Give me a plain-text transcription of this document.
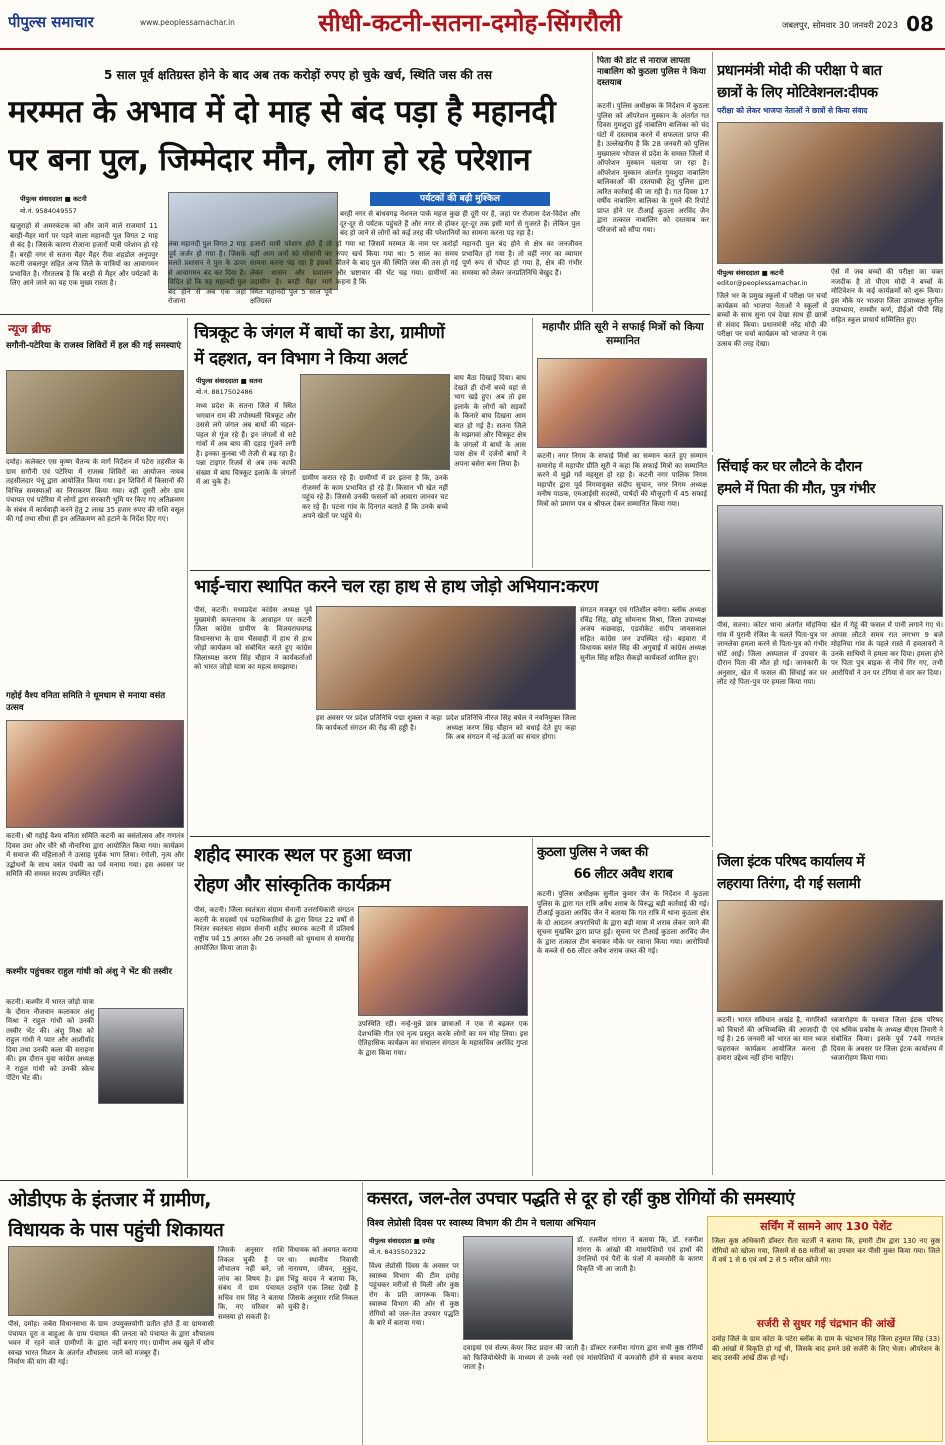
पीपुल्स समाचार	www.peoplessamachar.in	सीधी-कटनी-सतना-दमोह-सिंगरौली	जबलपुर, सोमवार 30 जनवरी 2023 08
5 साल पूर्व क्षतिग्रस्त होने के बाद अब तक करोड़ों रुपए हो चुके खर्च, स्थिति जस की तस
मरम्मत के अभाव में दो माह से बंद पड़ा है महानदी
पर बना पुल, जिम्मेदार मौन, लोग हो रहे परेशान
पीपुल्स संवाददाता ■ कटनी
मो.नं. 9584049557
पर्यटकों की बढ़ी मुश्किल
बरही नगर से बांधवगढ़ नेशनल पार्क महज कुछ ही दूरी पर है, जहां पर रोजाना देश-विदेश और दूर-दूर से पर्यटक पहुंचते हैं और नगर से होकर दूर-दूर तक इसी मार्ग से गुजरते हैं। लेकिन पुल बंद हो जाने से लोगों को कई तरह की परेशानियों का सामना करना पड़ रहा है।
खजुराहो से अमरकंटक को और जाने वाले राजमार्ग 11 बरही-मैहर मार्ग पर पड़ने वाला महानदी पुल विगत 2 माह से बंद है। जिसके कारण रोजाना हजारों यात्री परेशान हो रहे हैं। बरही नगर से सतना मैहर मैहर रीवा शहडोल अनूपपुर कटनी जबलपुर सहित अन्य जिले के यात्रियों का आवागमन प्रभावित है। गौरतलब है कि बरही से मैहर और पर्यटकों के लिए आने जाने का यह एक मुख्य रास्ता है।
लंबा महानदी पुल विगत 2 माह पूर्व जर्जर हो गया है। जिसके चलते प्रशासन ने पुल के ऊपर से आवागमन बंद कर दिया है। विदित हो कि यह महानदी पुल बंद होने से अब एक जहां रोजाना
हजारों यात्री परेशान होते हैं तो वहीं आम जनों को परेशानी का सामना करना पड़ रहा है इसको लेकर शासन और प्रशासन उदासीन है। बरही मैहर मार्ग स्थित महानदी पुल 5 साल पूर्व क्षतिग्रस्त
हो गया था जिसमें मरम्मत के नाम पर करोड़ों रुपए खर्च किया गया था। 5 साल का समय बीतने के बाद पुल की स्थिति जस की तस हो गई और भ्रष्टाचार की भेंट चढ़ गया। ग्रामीणों का कहना है कि
महानदी पुल बंद होने से क्षेत्र का जनजीवन प्रभावित हो गया है। तो वहीं नगर का व्यापार पूर्ण रूप से चौपट हो गया है, क्षेत्र की गंभीर समस्या को लेकर जनप्रतिनिधि बेखुद हैं।
पिता की डांट से नाराज लापता नाबालिग को कुठला पुलिस ने किया दस्तयाब
कटनी। पुलिस अधीक्षक के निर्देशन में कुठला पुलिस को ऑपरेशन मुस्कान के अंतर्गत गत दिवस गुमशुदा हुई नाबालिग बालिका को चंद घंटों में दस्तयाब करने में सफलता प्राप्त की है। उल्लेखनीय है कि 28 जनवरी को पुलिस मुख्यालय भोपाल से प्रदेश के समस्त जिलों में ऑपरेशन मुस्कान चलाया जा रहा है। ऑपरेशन मुस्कान अंतर्गत गुमशुदा नाबालिग बालिकाओं की दस्तयाबी हेतु पुलिस द्वारा त्वरित कार्रवाई की जा रही है। गत दिवस 17 वर्षीय नाबालिग बालिका के गुमने की रिपोर्ट प्राप्त होने पर टीआई कुठला अरविंद जैन द्वारा तत्काल नाबालिग को दस्तयाब कर परिजनों को सौंपा गया।
प्रधानमंत्री मोदी की परीक्षा पे बात
छात्रों के लिए मोटिवेशनल:दीपक
परीक्षा को लेकर भाजपा नेताओं ने छात्रों से किया संवाद
पीपुल्स संवाददाता ■ कटनी
editor@peoplessamachar.in
जिले भर के प्रमुख स्कूलों में परीक्षा पर चर्चा कार्यक्रम को भाजपा नेताओं ने स्कूलों में बच्चों के साथ सुना एवं देखा साथ ही छात्रों से संवाद किया। प्रधानमंत्री नरेंद्र मोदी की परीक्षा पर चर्चा कार्यक्रम को भाजपा ने एक उत्सव की तरह देखा।
ऐसे में जब बच्चों की परीक्षा का वक्त नजदीक है तो पीएम मोदी ने बच्चों के मोटिवेशन के कई कार्यक्रमों को शुरू किया। इस मौके पर भाजपा जिला उपाध्यक्ष सुनील उपाध्याय, रामवीर कर्ण, डीईओ पीपी सिंह सहित स्कूल प्राचार्य सम्मिलित हुए।
न्यूज ब्रीफ
सगौनी-पटेरिया के राजस्व शिविरों में हल की गई समस्याएं
दमोह। कलेक्टर एस कृष्ण चैतन्य के मार्ग निर्देशन में पटेरा तहसील के ग्राम सगौनी एवं पटेरिया में राजस्व शिविरों का आयोजन नायब तहसीलदार पंचू द्वारा आयोजित किया गया। इन शिविरों में किसानों की विभिन्न समस्याओं का निराकरण किया गया। वहीं दूसरी ओर ग्राम पंचायत एवं पटेरिया में लोगों द्वारा सरकारी भूमि पर किए गए अतिक्रमण के संबंध में कार्यवाही करने हेतु 2 लाख 35 हजार रुपए की राशि वसूल की गई तथा सीधा ही इन अतिक्रमण को हटाने के निर्देश दिए गए।
गहोई वैश्य वनिता समिति ने धूमधाम से मनाया वसंत उत्सव
कटनी। श्री गहोई वैश्य वनिता समिति कटनी का बसंतोत्सव और गणतंत्र दिवस उमा और चौरे श्री नौनारिया द्वारा आयोजित किया गया। कार्यक्रम में समाज की महिलाओं ने उत्साह पूर्वक भाग लिया। रंगोली, नृत्य और उद्बोधनों के साथ वसंत पंचमी का पर्व मनाया गया। इस अवसर पर समिति की समस्त सदस्य उपस्थित रहीं।
कश्मीर पहुंचकर राहुल गांधी को अंशु ने भेंट की तस्वीर
कटनी। कश्मीर में भारत जोड़ो यात्रा के दौरान नौजवान कलाकार अंशु मिश्रा ने राहुल गांधी को उनकी तस्वीर भेंट की। अंशु मिश्रा को राहुल गांधी ने प्यार और आशीर्वाद दिया तथा उनकी कला की सराहना की। इस दौरान युवा कांग्रेस अध्यक्ष ने राहुल गांधी को उनकी स्केच पेंटिंग भेंट की।
चित्रकूट के जंगल में बाघों का डेरा, ग्रामीणों
में दहशत, वन विभाग ने किया अलर्ट
पीपुल्स संवाददाता ■ सतना
मो.नं. 8817502486
मध्य प्रदेश के सतना जिले में स्थित भगवान राम की तपोस्थली चित्रकूट और उससे लगे जंगल अब बाघों की चहल-पहल से गूंज रहे हैं। इन जंगलों से सटे गांवों में अब बाघ की दहाड़ गूंजने लगी है। इनका कुनबा भी तेजी से बढ़ रहा है। पन्ना टाइगर रिजर्व से अब तक काफी संख्या में बाघ चित्रकूट इलाके के जंगलों में आ चुके हैं।	ग्रामीण करात रहे हैं। ग्रामीणों में डर इतना है कि, उनके रोजमर्रा के काम प्रभावित हो रहे हैं। किसान भी खेत नहीं पहुंच रहे हैं। जिससे उनकी फसलों को आवारा जानवर चट कर रहे हैं। पटना गांव के दिनगत बताते हैं कि उनके बच्चे अपने खेतों पर पहुंचे थे।
बाघ बैठा दिखाई दिया। बाघ देखते ही दोनों बच्चे वहां से भाग खड़े हुए। अब तो इस इलाके के लोगों को सड़कों के किनारे बाघ दिखना आम बात हो गई है। सतना जिले के मझगवां और चित्रकूट क्षेत्र के जंगलों में बाघों के आस पास क्षेत्र में दर्जनों बाघों ने अपना बसेरा बना लिया है।
महापौर प्रीति सूरी ने सफाई मित्रों को किया सम्मानित
कटनी। नगर निगम के सफाई मित्रों का सम्मान करते हुए सम्मान समारोह में महापौर प्रीति सूरी ने कहा कि सफाई मित्रों का सम्मानित करने में मुझे गर्व महसूस हो रहा है। कटनी नगर पालिक निगम महापौर द्वारा पूर्व निगमायुक्त संदीप सुचान, नगर निगम अध्यक्ष मनीष पाठक, एमआईसी सदस्यों, पार्षदों की मौजूदगी में 45 सफाई मित्रों को प्रमाण पत्र व श्रीफल देकर सम्मानित किया गया।
सिंचाई कर घर लौटने के दौरान
हमले में पिता की मौत, पुत्र गंभीर
पीसं, सतना। कोटर थाना अंतर्गत मोहनिया गांव में पुरानी रंजिश के चलते पिता-पुत्र पर जानलेवा हमला करने से पिता-पुत्र को गंभीर चोटें आईं। जिला अस्पताल में उपचार के दौरान पिता की मौत हो गई। जानकारी के अनुसार, खेत में फसल की सिंचाई कर घर लौट रहे पिता-पुत्र पर हमला किया गया।
खेत में गेहूं की फसल में पानी लगाने गए थे। आपस लौटते समय रात लगभग 9 बजे मोहनिया गांव के पहले रास्ते में हमलावरों ने उनके साथियों ने हमला कर दिया। हमला होने पर पिता पुत्र बाइक से नीचे गिर गए, तभी आरोपियों ने उन पर टंगिया से वार कर दिया।
भाई-चारा स्थापित करने चल रहा हाथ से हाथ जोड़ो अभियान:करण
पीसं, कटनी। मध्यप्रदेश कांग्रेस अध्यक्ष पूर्व मुख्यमंत्री कमलनाथ के आवाहन पर कटनी जिला कांग्रेस ग्रामीण के विजयराघवगढ़ विधानसभा के ग्राम भैंसवाही में हाथ से हाथ जोड़ो कार्यक्रम को संबोधित करते हुए कांग्रेस जिलाध्यक्ष करण सिंह चौहान ने कार्यकर्ताओं को भारत जोड़ो यात्रा का महत्व समझाया।
इस अवसर पर प्रदेश प्रतिनिधि पद्मा शुक्ला ने कहा कि कार्यकर्ता संगठन की रीढ़ की हड्डी है।
प्रदेश प्रतिनिधि नीरज सिंह बघेल ने नवनियुक्त जिला अध्यक्ष करण सिंह चौहान को बधाई देते हुए कहा कि अब संगठन में नई ऊर्जा का संचार होगा।
संगठन मजबूत एवं गतिशील बनेगा। ब्लॉक अध्यक्ष रविंद्र सिंह, छोटू सोमनाथ मिश्रा, जिला उपाध्यक्ष अजय कछवाहा, एडवोकेट संदीप जायसवाल सहित कांग्रेस जन उपस्थित रहे। बड़वारा में विधायक बसंत सिंह की अगुवाई में कांग्रेस अध्यक्ष सुनील सिंह सहित सैकड़ों कार्यकर्ता शामिल हुए।
जिला इंटक परिषद कार्यालय में
लहराया तिरंगा, दी गई सलामी
कटनी। भारत सविधान अखंड है, नागरिकों को विचारों की अभिव्यक्ति की आजादी दी गई है। 26 जनवरी को भारत का मान ध्वज फहराकर कार्यक्रम आयोजित करना ही हमारा उद्देश्य नहीं होना चाहिए।
ध्वजारोहण के पश्चात जिला इंटक परिषद एवं श्रमिक प्रकोष्ठ के अध्यक्ष बीएस तिवारी ने संबोधित किया। इसके पूर्व 74वें गणतंत्र दिवस के अवसर पर जिला इंटक कार्यालय में ध्वजारोहण किया गया।
शहीद स्मारक स्थल पर हुआ ध्वजा
रोहण और सांस्कृतिक कार्यक्रम
पीसं, कटनी। जिला स्वतंत्रता संग्राम सेनानी उत्तराधिकारी संगठन कटनी के सदस्यों एवं पदाधिकारियों के द्वारा विगत 22 वर्षों से निरंतर स्वतंत्रता संग्राम सेनानी शहीद स्मारक कटनी में प्रतिवर्ष राष्ट्रीय पर्व 15 अगस्त और 26 जनवरी को धूमधाम से समारोह आयोजित किया जाता है।
उपस्थिति रही। नन्हे-मुन्ने छात्र छात्राओं ने एक से बढ़कर एक देशभक्ति गीत एवं नृत्य प्रस्तुत करके लोगों का मन मोह लिया। इस ऐतिहासिक कार्यक्रम का संचालन संगठन के महासचिव अरविंद गुप्ता के द्वारा किया गया।
कुठला पुलिस ने जब्त की
66 लीटर अवैध शराब
कटनी। पुलिस अधीक्षक सुनील कुमार जैन के निर्देशन में कुठला पुलिस के द्वारा गत रात्रि अवैध शराब के विरुद्ध बड़ी कार्रवाई की गई। टीआई कुठला अरविंद जैन ने बताया कि गत रात्रि में थाना कुठला क्षेत्र के दो आदतन अपराधियों के द्वारा बड़ी मात्रा में शराब लेकर जाने की सूचना मुखबिर द्वारा प्राप्त हुई। सूचना पर टीआई कुठला अरविंद जैन के द्वारा तत्काल टीम बनाकर मौके पर रवाना किया गया। आरोपियों के कब्जे से 66 लीटर अवैध शराब जब्त की गई।
ओडीएफ के इंतजार में ग्रामीण,
विधायक के पास पहुंची शिकायत
पीसं, दमोह। जबेरा विधानसभा के ग्राम पंचायत दूरा व बाहुआ के ग्राम पंचायत भवन में रहने वाले ग्रामीणों के द्वारा स्वच्छ भारत मिशन के अंतर्गत शौचालय निर्माण की मांग की गई।
उपयुक्तयोगी प्रतीत होते हैं या ग्रामवासी की जनता को पंचायत के द्वारा शौचालय नहीं बनाए गए। ग्रामीण अब खुले में शौच जाने को मजबूर हैं।
जिसके अनुसार राशि निकल चुकी है पर शौचालय नहीं बने, जो जांच का विषय है। इस संबंध में ग्राम पंचायत सचिव राम सिंह ने बताया कि, नए परिवार को समस्या हो सकती है।
विधायक को अवगत कराया था। स्थानीय निवासी नारायण, जीवन, मुकुंद, भिंडू यादव ने बताया कि, उन्होंने एक लिस्ट देखी है जिसके अनुसार राशि निकल चुकी है।
कसरत, जल-तेल उपचार पद्धति से दूर हो रहीं कुष्ठ रोगियों की समस्याएं
विश्व लेप्रोसी दिवस पर स्वास्थ्य विभाग की टीम ने चलाया अभियान
पीपुल्स संवाददाता ■ दमोह
मो.नं. 8435502322
विश्व लेप्रोसी दिवस के अवसर पर स्वास्थ्य विभाग की टीम दमोह पहुंचकर मरीजों से मिली और कुष्ठ रोग के प्रति जागरूक किया। स्वास्थ्य विभाग की ओर से कुष्ठ रोगियों को जल-तेल उपचार पद्धति के बारे में बताया गया।
डॉ. रजनीश गांगरा ने बताया कि, डॉ. रजनीश गांगरा के आंखों की मांसपेशियों एवं हाथों की उंगलियों एवं पैरों के पंजों में कमजोरी के कारण विकृति भी आ जाती है।
दवाइयां एवं सेल्फ केयर किट प्रदान की जाती है। डॉक्टर रजनीश गांगरा द्वारा सभी कुष्ठ रोगियों को फिजियोथेरेपी के माध्यम से उनके नसों एवं मांसपेशियों में कमजोरी होने से बचाव कराया जाता है।
सर्चिंग में सामने आए 130 पेशेंट
जिला कुष्ठ अधिकारी डॉक्टर रीता चटर्जी ने बताया कि, हमारी टीम द्वारा 130 नए कुष्ठ रोगियों को खोजा गया, जिसमें से 68 मरीजों का उपचार कर पीसी मुक्त किया गया। जिले में वर्ष 1 से 6 एवं वर्ष 2 से 5 मरीज खोजे गए।
सर्जरी से सुधर गई चंद्रभान की आंखें
दमोह जिले के ग्राम कोटा के पटेरा ब्लॉक के ग्राम के चंद्रभान सिंह जिला हनुमत सिंह (33) की आंखों में विकृति हो गई थी, जिसके बाद हमने उसे सर्जरी के लिए भेजा। ऑपरेशन के बाद उसकी आंखें ठीक हो गईं।
